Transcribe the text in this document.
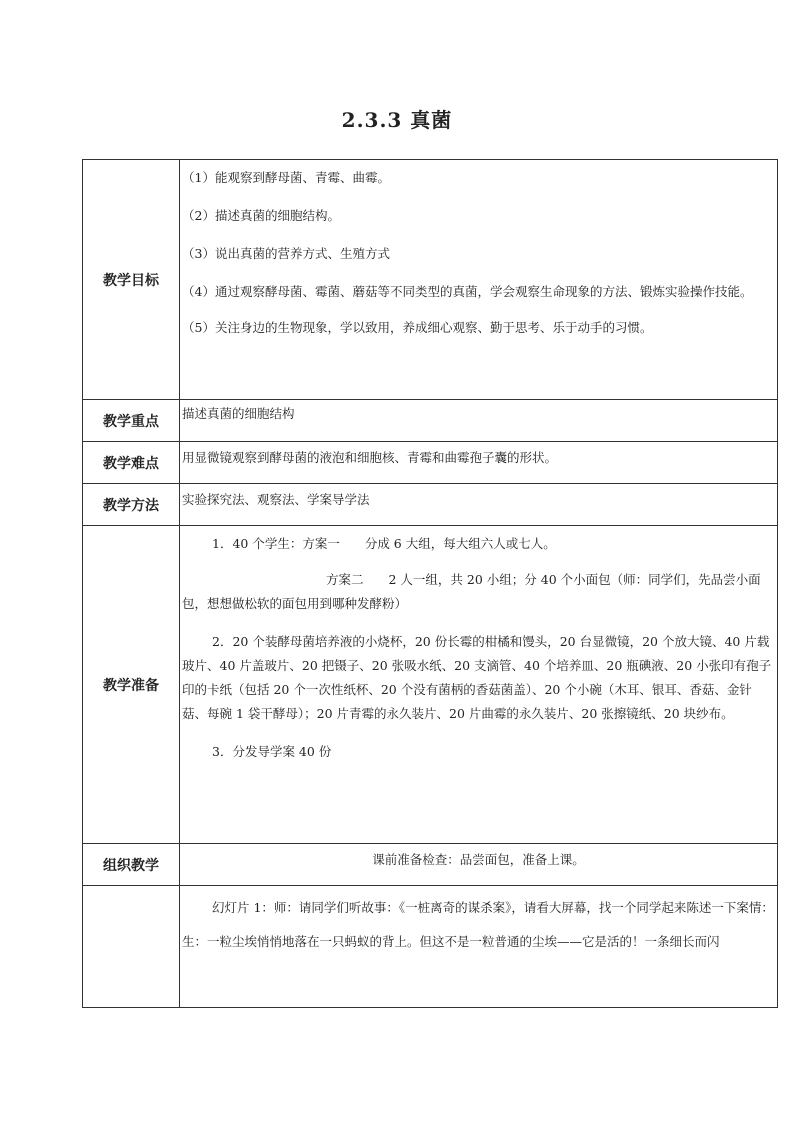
2.3.3 真菌
教学目标	（1）能观察到酵母菌、青霉、曲霉。

（2）描述真菌的细胞结构。

（3）说出真菌的营养方式、生殖方式

（4）通过观察酵母菌、霉菌、蘑菇等不同类型的真菌，学会观察生命现象的方法、锻炼实验操作技能。

（5）关注身边的生物现象，学以致用，养成细心观察、勤于思考、乐于动手的习惯。

教学重点	描述真菌的细胞结构

教学难点	用显微镜观察到酵母菌的液泡和细胞核、青霉和曲霉孢子囊的形状。

教学方法	实验探究法、观察法、学案导学法

教学准备	1．40 个学生：方案一　　分成 6 大组，每大组六人或七人。

方案二　　2 人一组，共 20 小组；分 40 个小面包（师：同学们，先品尝小面包，想想做松软的面包用到哪种发酵粉）

2．20 个装酵母菌培养液的小烧杯，20 份长霉的柑橘和馒头，20 台显微镜，20 个放大镜、40 片载玻片、40 片盖玻片、20 把镊子、20 张吸水纸、20 支滴管、40 个培养皿、20 瓶碘液、20 小张印有孢子印的卡纸（包括 20 个一次性纸杯、20 个没有菌柄的香菇菌盖）、20 个小碗（木耳、银耳、香菇、金针菇、每碗 1 袋干酵母）；20 片青霉的永久装片、20 片曲霉的永久装片、20 张擦镜纸、20 块纱布。

3．分发导学案 40 份

组织教学	课前准备检查：品尝面包，准备上课。

	幻灯片 1：师：请同学们听故事：《一桩离奇的谋杀案》，请看大屏幕，找一个同学起来陈述一下案情：

生：一粒尘埃悄悄地落在一只蚂蚁的背上。但这不是一粒普通的尘埃——它是活的！一条细长而闪
